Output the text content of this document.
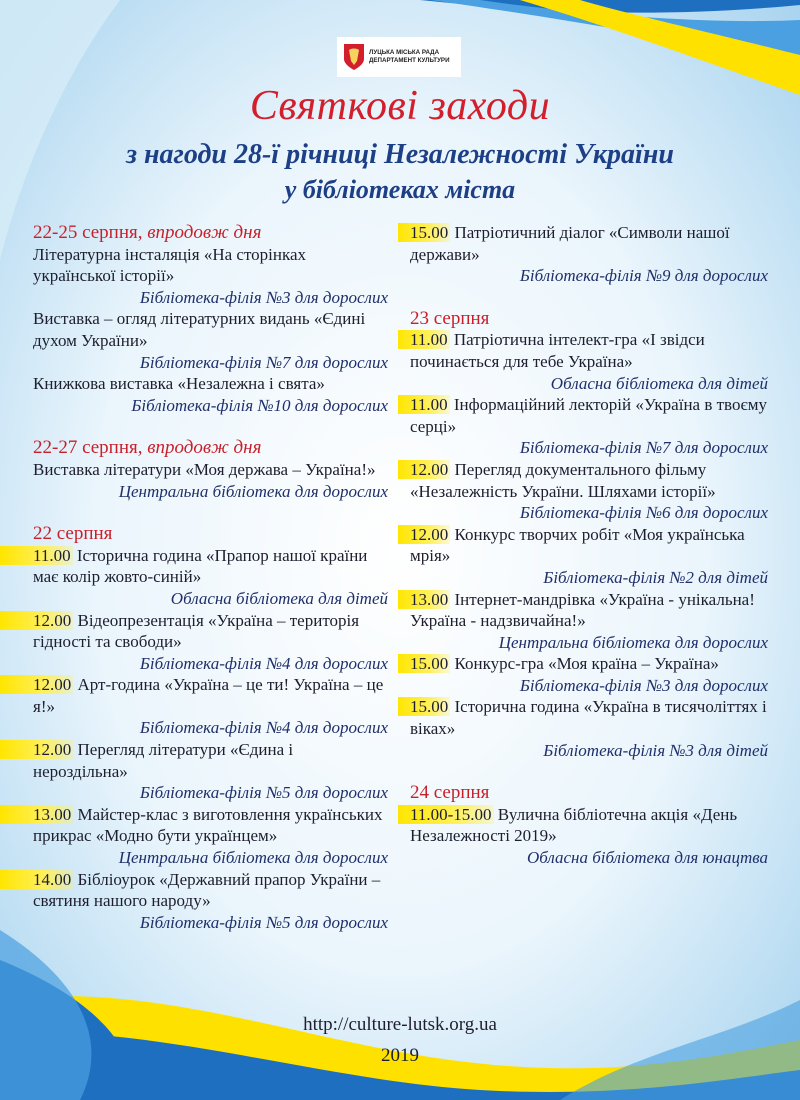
ЛУЦЬКА МІСЬКА РАДА
ДЕПАРТАМЕНТ КУЛЬТУРИ
Святкові заходи
з нагоди 28-ї річниці Незалежності України
у бібліотеках міста
22-25 серпня, впродовж дня

Літературна інсталяція «На сторінках української історії»

Бібліотека-філія №3 для дорослих

Виставка – огляд літературних видань «Єдині духом України»

Бібліотека-філія №7 для дорослих

Книжкова виставка «Незалежна і свята»

Бібліотека-філія №10 для дорослих

22-27 серпня, впродовж дня

Виставка літератури «Моя держава – Україна!»

Центральна бібліотека для дорослих

22 серпня

11.00 Історична година «Прапор нашої країни має колір жовто-синій»

Обласна бібліотека для дітей

12.00 Відеопрезентація «Україна – територія гідності та свободи»

Бібліотека-філія №4 для дорослих

12.00 Арт-година «Україна – це ти! Україна – це я!»

Бібліотека-філія №4 для дорослих

12.00 Перегляд літератури «Єдина і нероздільна»

Бібліотека-філія №5 для дорослих

13.00 Майстер-клас з виготовлення українських прикрас «Модно бути українцем»

Центральна бібліотека для дорослих

14.00 Бібліоурок «Державний прапор України – святиня нашого народу»

Бібліотека-філія №5 для дорослих

15.00 Патріотичний діалог «Символи нашої держави»

Бібліотека-філія №9 для дорослих

23 серпня

11.00 Патріотична інтелект-гра «І звідси починається для тебе Україна»

Обласна бібліотека для дітей

11.00 Інформаційний лекторій «Україна в твоєму серці»

Бібліотека-філія №7 для дорослих

12.00 Перегляд документального фільму «Незалежність України. Шляхами історії»

Бібліотека-філія №6 для дорослих

12.00 Конкурс творчих робіт «Моя українська мрія»

Бібліотека-філія №2 для дітей

13.00 Інтернет-мандрівка «Україна - унікальна! Україна - надзвичайна!»

Центральна бібліотека для дорослих

15.00 Конкурс-гра «Моя країна – Україна»

Бібліотека-філія №3 для дорослих

15.00 Історична година «Україна в тисячоліттях і віках»

Бібліотека-філія №3 для дітей

24 серпня

11.00-15.00 Вулична бібліотечна акція «День Незалежності 2019»

Обласна бібліотека для юнацтва

http://culture-lutsk.org.ua
2019
